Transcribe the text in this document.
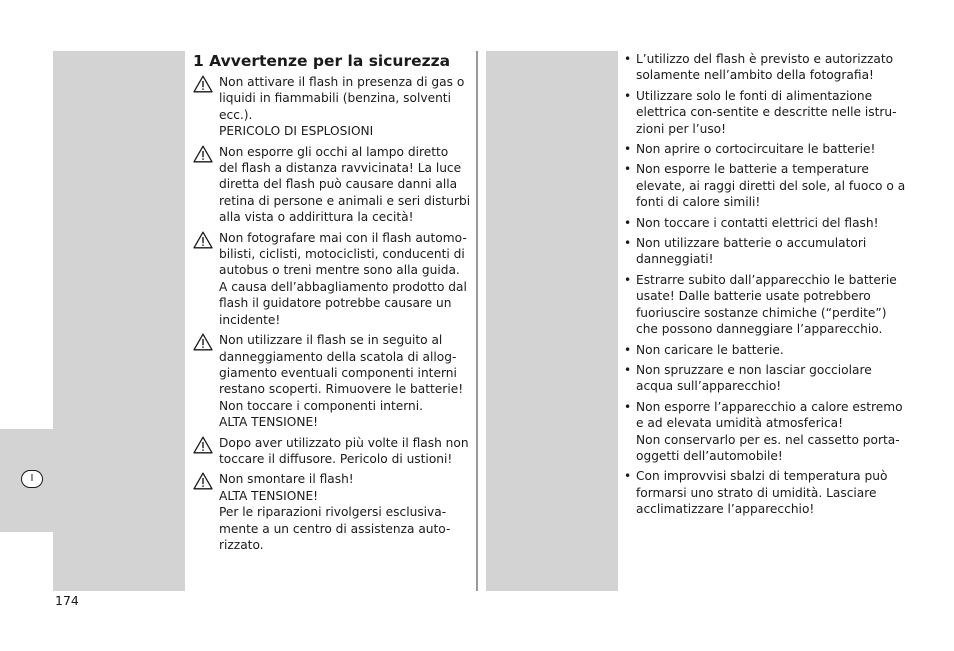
I
1 Avvertenze per la sicurezza
Non attivare il flash in presenza di gas o
liquidi in fiammabili (benzina, solventi
ecc.).
PERICOLO DI ESPLOSIONI
Non esporre gli occhi al lampo diretto
del flash a distanza ravvicinata! La luce
diretta del flash può causare danni alla
retina di persone e animali e seri disturbi
alla vista o addirittura la cecità!
Non fotografare mai con il flash automo-
bilisti, ciclisti, motociclisti, conducenti di
autobus o treni mentre sono alla guida.
A causa dell’abbagliamento prodotto dal
flash il guidatore potrebbe causare un
incidente!
Non utilizzare il flash se in seguito al
danneggiamento della scatola di allog-
giamento eventuali componenti interni
restano scoperti. Rimuovere le batterie!
Non toccare i componenti interni.
ALTA TENSIONE!
Dopo aver utilizzato più volte il flash non
toccare il diffusore. Pericolo di ustioni!
Non smontare il flash!
ALTA TENSIONE!
Per le riparazioni rivolgersi esclusiva-
mente a un centro di assistenza auto-
rizzato.
• L’utilizzo del flash è previsto e autorizzato
solamente nell’ambito della fotografia!
• Utilizzare solo le fonti di alimentazione
elettrica con-sentite e descritte nelle istru-
zioni per l’uso!
• Non aprire o cortocircuitare le batterie!
• Non esporre le batterie a temperature
elevate, ai raggi diretti del sole, al fuoco o a
fonti di calore simili!
• Non toccare i contatti elettrici del flash!
• Non utilizzare batterie o accumulatori
danneggiati!
• Estrarre subito dall’apparecchio le batterie
usate! Dalle batterie usate potrebbero
fuoriuscire sostanze chimiche (“perdite”)
che possono danneggiare l’apparecchio.
• Non caricare le batterie.
• Non spruzzare e non lasciar gocciolare
acqua sull’apparecchio!
• Non esporre l’apparecchio a calore estremo
e ad elevata umidità atmosferica!
Non conservarlo per es. nel cassetto porta-
oggetti dell’automobile!
• Con improvvisi sbalzi di temperatura può
formarsi uno strato di umidità. Lasciare
acclimatizzare l’apparecchio!
174
